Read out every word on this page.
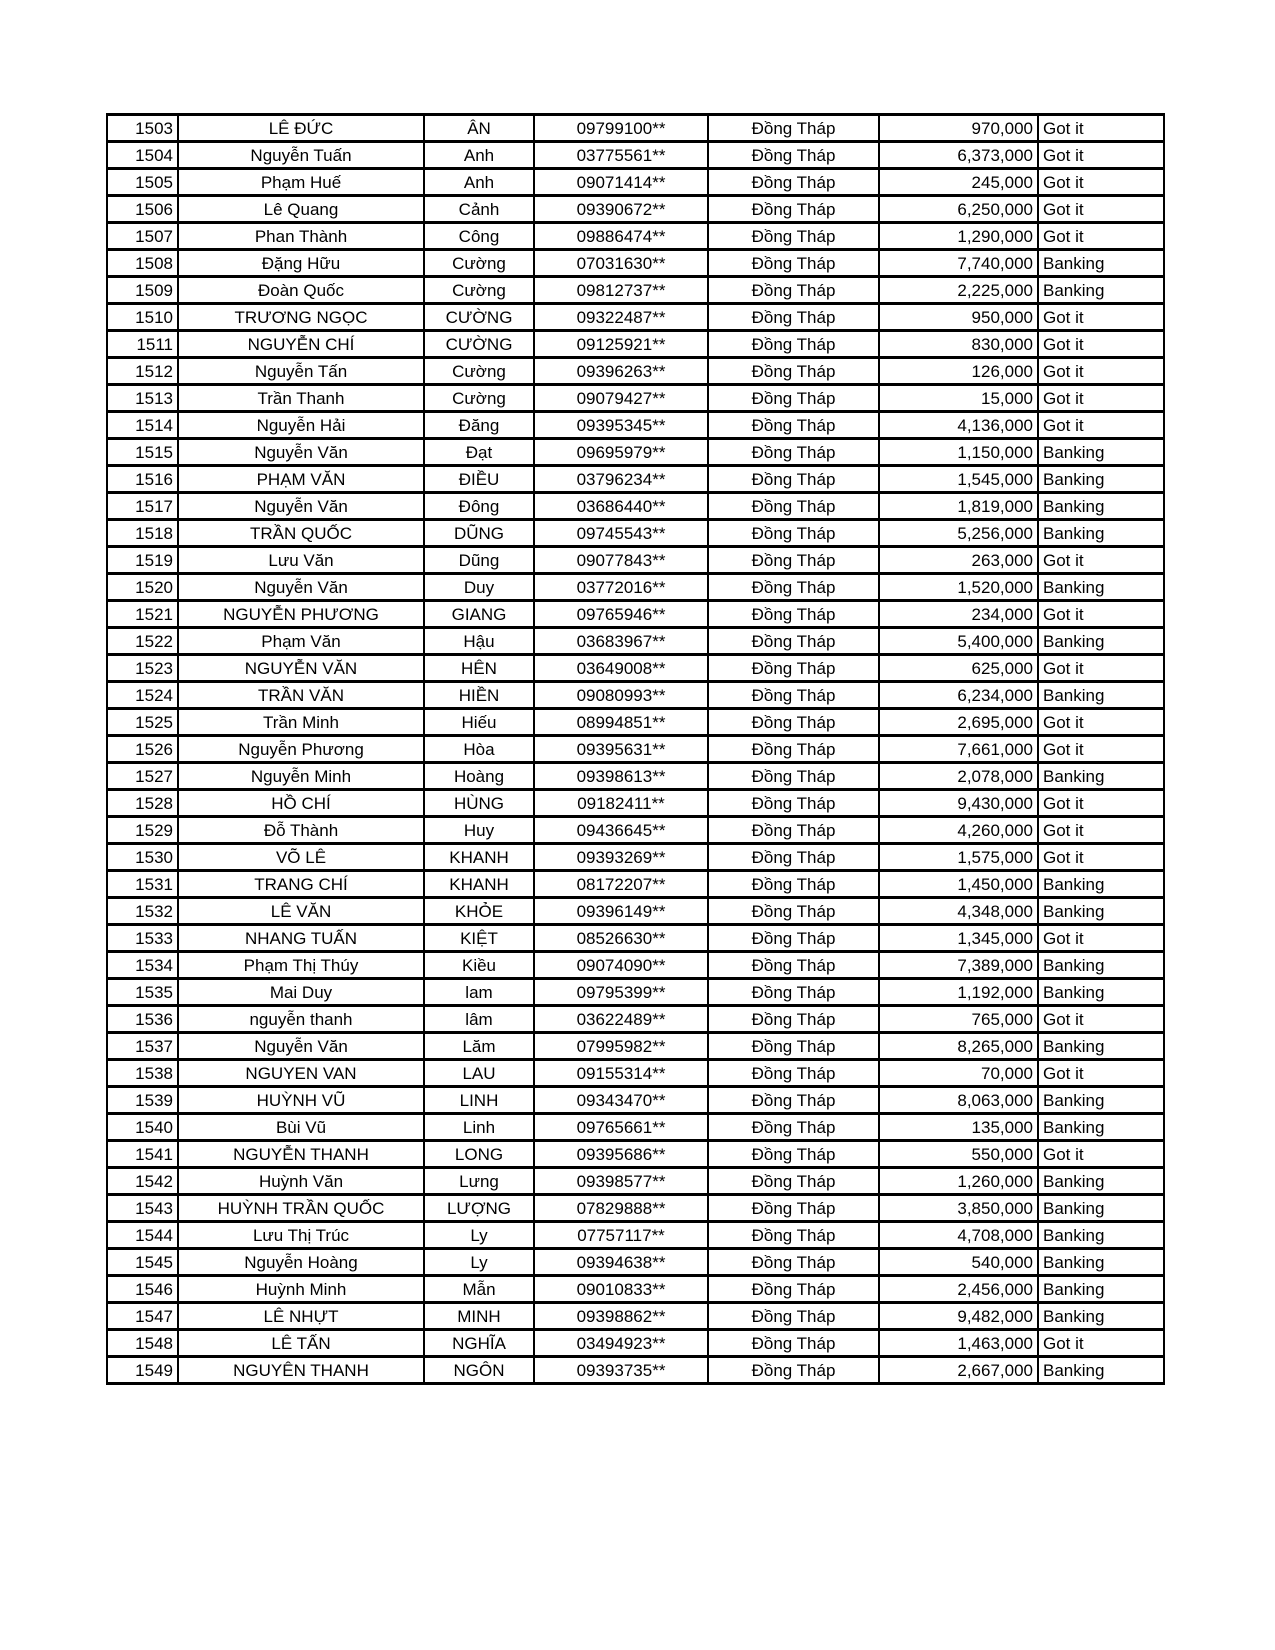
1503	LÊ ĐỨC	ÂN	09799100**	Đồng Tháp	970,000	Got it
1504	Nguyễn Tuấn	Anh	03775561**	Đồng Tháp	6,373,000	Got it
1505	Phạm Huế	Anh	09071414**	Đồng Tháp	245,000	Got it
1506	Lê Quang	Cảnh	09390672**	Đồng Tháp	6,250,000	Got it
1507	Phan Thành	Công	09886474**	Đồng Tháp	1,290,000	Got it
1508	Đặng Hữu	Cường	07031630**	Đồng Tháp	7,740,000	Banking
1509	Đoàn Quốc	Cường	09812737**	Đồng Tháp	2,225,000	Banking
1510	TRƯƠNG NGỌC	CƯỜNG	09322487**	Đồng Tháp	950,000	Got it
1511	NGUYỄN CHÍ	CƯỜNG	09125921**	Đồng Tháp	830,000	Got it
1512	Nguyễn Tấn	Cường	09396263**	Đồng Tháp	126,000	Got it
1513	Trần Thanh	Cường	09079427**	Đồng Tháp	15,000	Got it
1514	Nguyễn Hải	Đăng	09395345**	Đồng Tháp	4,136,000	Got it
1515	Nguyễn Văn	Đạt	09695979**	Đồng Tháp	1,150,000	Banking
1516	PHẠM VĂN	ĐIỀU	03796234**	Đồng Tháp	1,545,000	Banking
1517	Nguyễn Văn	Đông	03686440**	Đồng Tháp	1,819,000	Banking
1518	TRẦN QUỐC	DŨNG	09745543**	Đồng Tháp	5,256,000	Banking
1519	Lưu Văn	Dũng	09077843**	Đồng Tháp	263,000	Got it
1520	Nguyễn Văn	Duy	03772016**	Đồng Tháp	1,520,000	Banking
1521	NGUYỄN PHƯƠNG	GIANG	09765946**	Đồng Tháp	234,000	Got it
1522	Phạm Văn	Hậu	03683967**	Đồng Tháp	5,400,000	Banking
1523	NGUYỄN VĂN	HÊN	03649008**	Đồng Tháp	625,000	Got it
1524	TRẦN VĂN	HIỀN	09080993**	Đồng Tháp	6,234,000	Banking
1525	Trần Minh	Hiếu	08994851**	Đồng Tháp	2,695,000	Got it
1526	Nguyễn Phương	Hòa	09395631**	Đồng Tháp	7,661,000	Got it
1527	Nguyễn Minh	Hoàng	09398613**	Đồng Tháp	2,078,000	Banking
1528	HỒ CHÍ	HÙNG	09182411**	Đồng Tháp	9,430,000	Got it
1529	Đỗ Thành	Huy	09436645**	Đồng Tháp	4,260,000	Got it
1530	VÕ LÊ	KHANH	09393269**	Đồng Tháp	1,575,000	Got it
1531	TRANG CHÍ	KHANH	08172207**	Đồng Tháp	1,450,000	Banking
1532	LÊ VĂN	KHỎE	09396149**	Đồng Tháp	4,348,000	Banking
1533	NHANG TUẤN	KIỆT	08526630**	Đồng Tháp	1,345,000	Got it
1534	Phạm Thị Thúy	Kiều	09074090**	Đồng Tháp	7,389,000	Banking
1535	Mai Duy	lam	09795399**	Đồng Tháp	1,192,000	Banking
1536	nguyễn thanh	lâm	03622489**	Đồng Tháp	765,000	Got it
1537	Nguyễn Văn	Lăm	07995982**	Đồng Tháp	8,265,000	Banking
1538	NGUYEN VAN	LAU	09155314**	Đồng Tháp	70,000	Got it
1539	HUỲNH VŨ	LINH	09343470**	Đồng Tháp	8,063,000	Banking
1540	Bùi Vũ	Linh	09765661**	Đồng Tháp	135,000	Banking
1541	NGUYỄN THANH	LONG	09395686**	Đồng Tháp	550,000	Got it
1542	Huỳnh Văn	Lưng	09398577**	Đồng Tháp	1,260,000	Banking
1543	HUỲNH TRẦN QUỐC	LƯỢNG	07829888**	Đồng Tháp	3,850,000	Banking
1544	Lưu Thị Trúc	Ly	07757117**	Đồng Tháp	4,708,000	Banking
1545	Nguyễn Hoàng	Ly	09394638**	Đồng Tháp	540,000	Banking
1546	Huỳnh Minh	Mẫn	09010833**	Đồng Tháp	2,456,000	Banking
1547	LÊ NHỰT	MINH	09398862**	Đồng Tháp	9,482,000	Banking
1548	LÊ TẤN	NGHĨA	03494923**	Đồng Tháp	1,463,000	Got it
1549	NGUYÊN THANH	NGÔN	09393735**	Đồng Tháp	2,667,000	Banking
